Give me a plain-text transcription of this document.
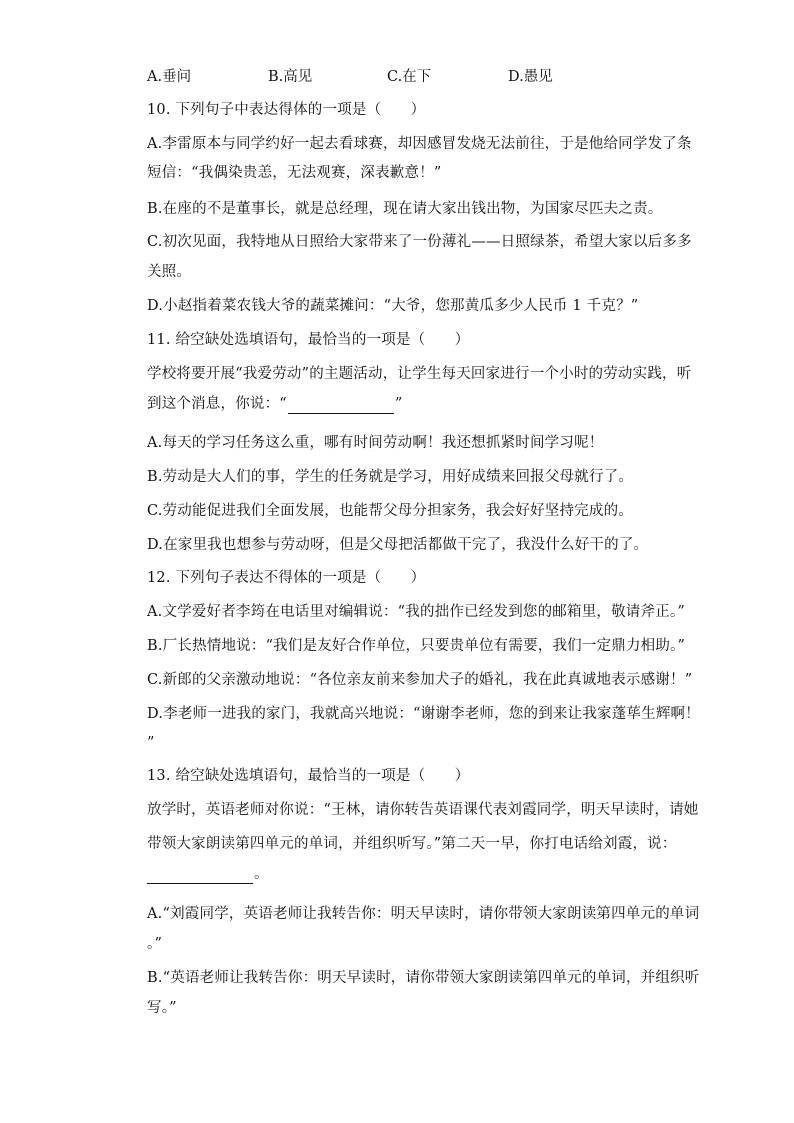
A.垂问	B.高见	C.在下	D.愚见
10. 下列句子中表达得体的一项是（　　）
A.李雷原本与同学约好一起去看球赛，却因感冒发烧无法前往，于是他给同学发了条
短信：“我偶染贵恙，无法观赛，深表歉意！”
B.在座的不是董事长，就是总经理，现在请大家出钱出物，为国家尽匹夫之责。
C.初次见面，我特地从日照给大家带来了一份薄礼——日照绿茶，希望大家以后多多
关照。
D.小赵指着菜农钱大爷的蔬菜摊问：“大爷，您那黄瓜多少人民币 1 千克？”
11. 给空缺处选填语句，最恰当的一项是（　　）
学校将要开展“我爱劳动”的主题活动，让学生每天回家进行一个小时的劳动实践，听
到这个消息，你说：“	”
A.每天的学习任务这么重，哪有时间劳动啊！我还想抓紧时间学习呢！
B.劳动是大人们的事，学生的任务就是学习，用好成绩来回报父母就行了。
C.劳动能促进我们全面发展，也能帮父母分担家务，我会好好坚持完成的。
D.在家里我也想参与劳动呀，但是父母把活都做干完了，我没什么好干的了。
12. 下列句子表达不得体的一项是（　　）
A.文学爱好者李筠在电话里对编辑说：“我的拙作已经发到您的邮箱里，敬请斧正。”
B.厂长热情地说：“我们是友好合作单位，只要贵单位有需要，我们一定鼎力相助。”
C.新郎的父亲激动地说：“各位亲友前来参加犬子的婚礼，我在此真诚地表示感谢！”
D.李老师一进我的家门，我就高兴地说：“谢谢李老师，您的到来让我家蓬荜生辉啊！
”
13. 给空缺处选填语句，最恰当的一项是（　　）
放学时，英语老师对你说：“王林，请你转告英语课代表刘霞同学，明天早读时，请她
带领大家朗读第四单元的单词，并组织听写。”第二天一早，你打电话给刘霞，说：
。
A.“刘霞同学，英语老师让我转告你：明天早读时，请你带领大家朗读第四单元的单词
。”
B.“英语老师让我转告你：明天早读时，请你带领大家朗读第四单元的单词，并组织听
写。”
